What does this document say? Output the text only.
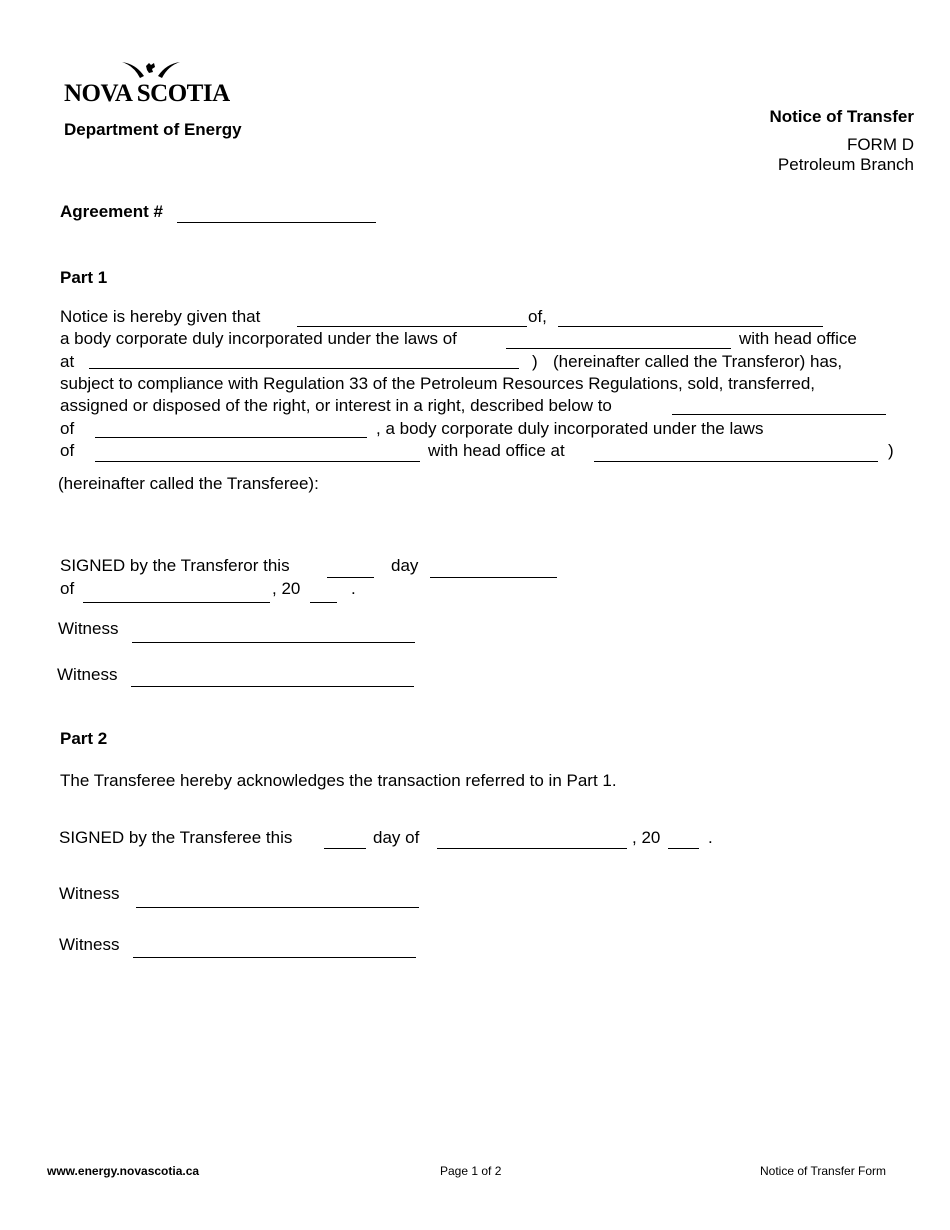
NOVA SCOTIA
Department of Energy
Notice of Transfer
FORM D
Petroleum Branch
Agreement #
Part 1
Notice is hereby given that	of,
a body corporate duly incorporated under the laws of	with head office
at	) (hereinafter called the Transferor) has,
subject to compliance with Regulation 33 of the Petroleum Resources Regulations, sold, transferred,
assigned or disposed of the right, or interest in a right, described below to
of	, a body corporate duly incorporated under the laws
of	with head office at	)
(hereinafter called the Transferee):
SIGNED by the Transferor this	day
of	, 20	.
Witness
Witness
Part 2
The Transferee hereby acknowledges the transaction referred to in Part 1.
SIGNED by the Transferee this	day of	, 20	.
Witness
Witness
www.energy.novascotia.ca	Page 1 of 2	Notice of Transfer Form
